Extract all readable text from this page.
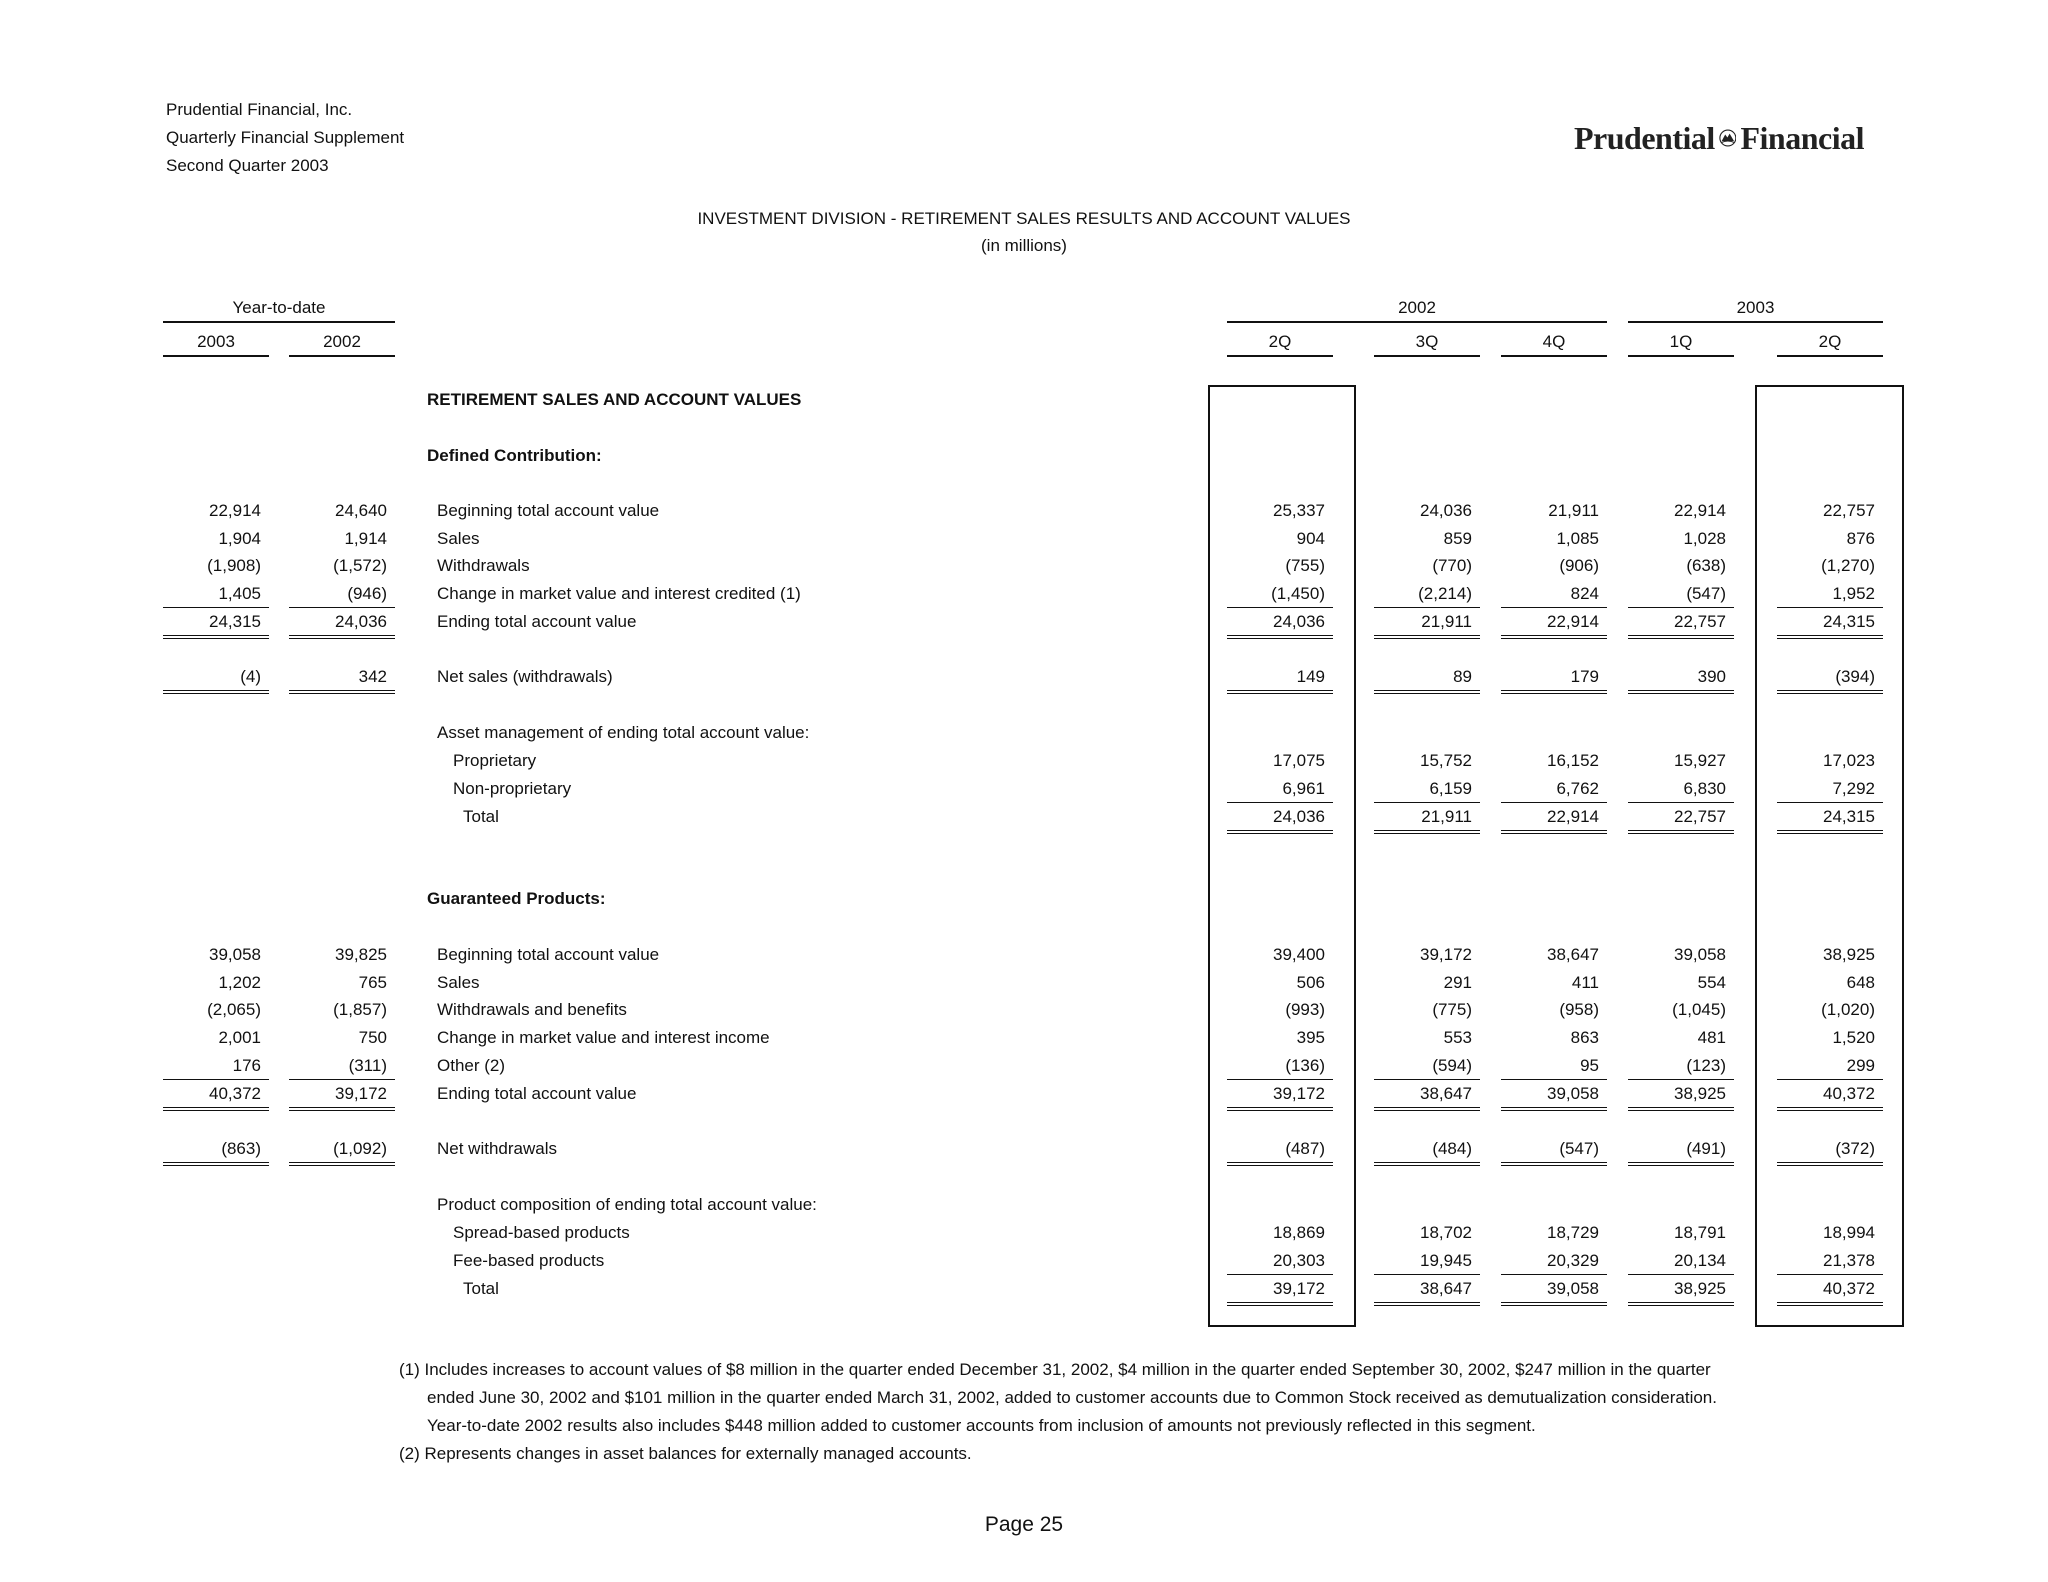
Prudential Financial, Inc.
Quarterly Financial Supplement
Second Quarter 2003
Prudential Financial
INVESTMENT DIVISION - RETIREMENT SALES RESULTS AND ACCOUNT VALUES
(in millions)
Year-to-date
2003	2002
2002	2003
2Q	3Q	4Q	1Q	2Q
RETIREMENT SALES AND ACCOUNT VALUES
Defined Contribution:
Guaranteed Products:
Beginning total account value
22,914	24,640	25,337	24,036	21,911	22,914	22,757
Sales
1,904	1,914	904	859	1,085	1,028	876
Withdrawals
(1,908)	(1,572)	(755)	(770)	(906)	(638)	(1,270)
Change in market value and interest credited (1)
1,405	(946)	(1,450)	(2,214)	824	(547)	1,952
Ending total account value
24,315	24,036	24,036	21,911	22,914	22,757	24,315
Net sales (withdrawals)
(4)	342	149	89	179	390	(394)
Asset management of ending total account value:
Proprietary	17,075	15,752	16,152	15,927	17,023
Non-proprietary	6,961	6,159	6,762	6,830	7,292
Total	24,036	21,911	22,914	22,757	24,315
Beginning total account value
39,058	39,825	39,400	39,172	38,647	39,058	38,925
Sales
1,202	765	506	291	411	554	648
Withdrawals and benefits
(2,065)	(1,857)	(993)	(775)	(958)	(1,045)	(1,020)
Change in market value and interest income
2,001	750	395	553	863	481	1,520
Other (2)
176	(311)	(136)	(594)	95	(123)	299
Ending total account value
40,372	39,172	39,172	38,647	39,058	38,925	40,372
Net withdrawals
(863)	(1,092)	(487)	(484)	(547)	(491)	(372)
Product composition of ending total account value:
Spread-based products	18,869	18,702	18,729	18,791	18,994
Fee-based products	20,303	19,945	20,329	20,134	21,378
Total	39,172	38,647	39,058	38,925	40,372
(1) Includes increases to account values of $8 million in the quarter ended December 31, 2002, $4 million in the quarter ended September 30, 2002, $247 million in the quarter
ended June 30, 2002 and $101 million in the quarter ended March 31, 2002, added to customer accounts due to Common Stock received as demutualization consideration.
Year-to-date 2002 results also includes $448 million added to customer accounts from inclusion of amounts not previously reflected in this segment.
(2) Represents changes in asset balances for externally managed accounts.
Page 25
